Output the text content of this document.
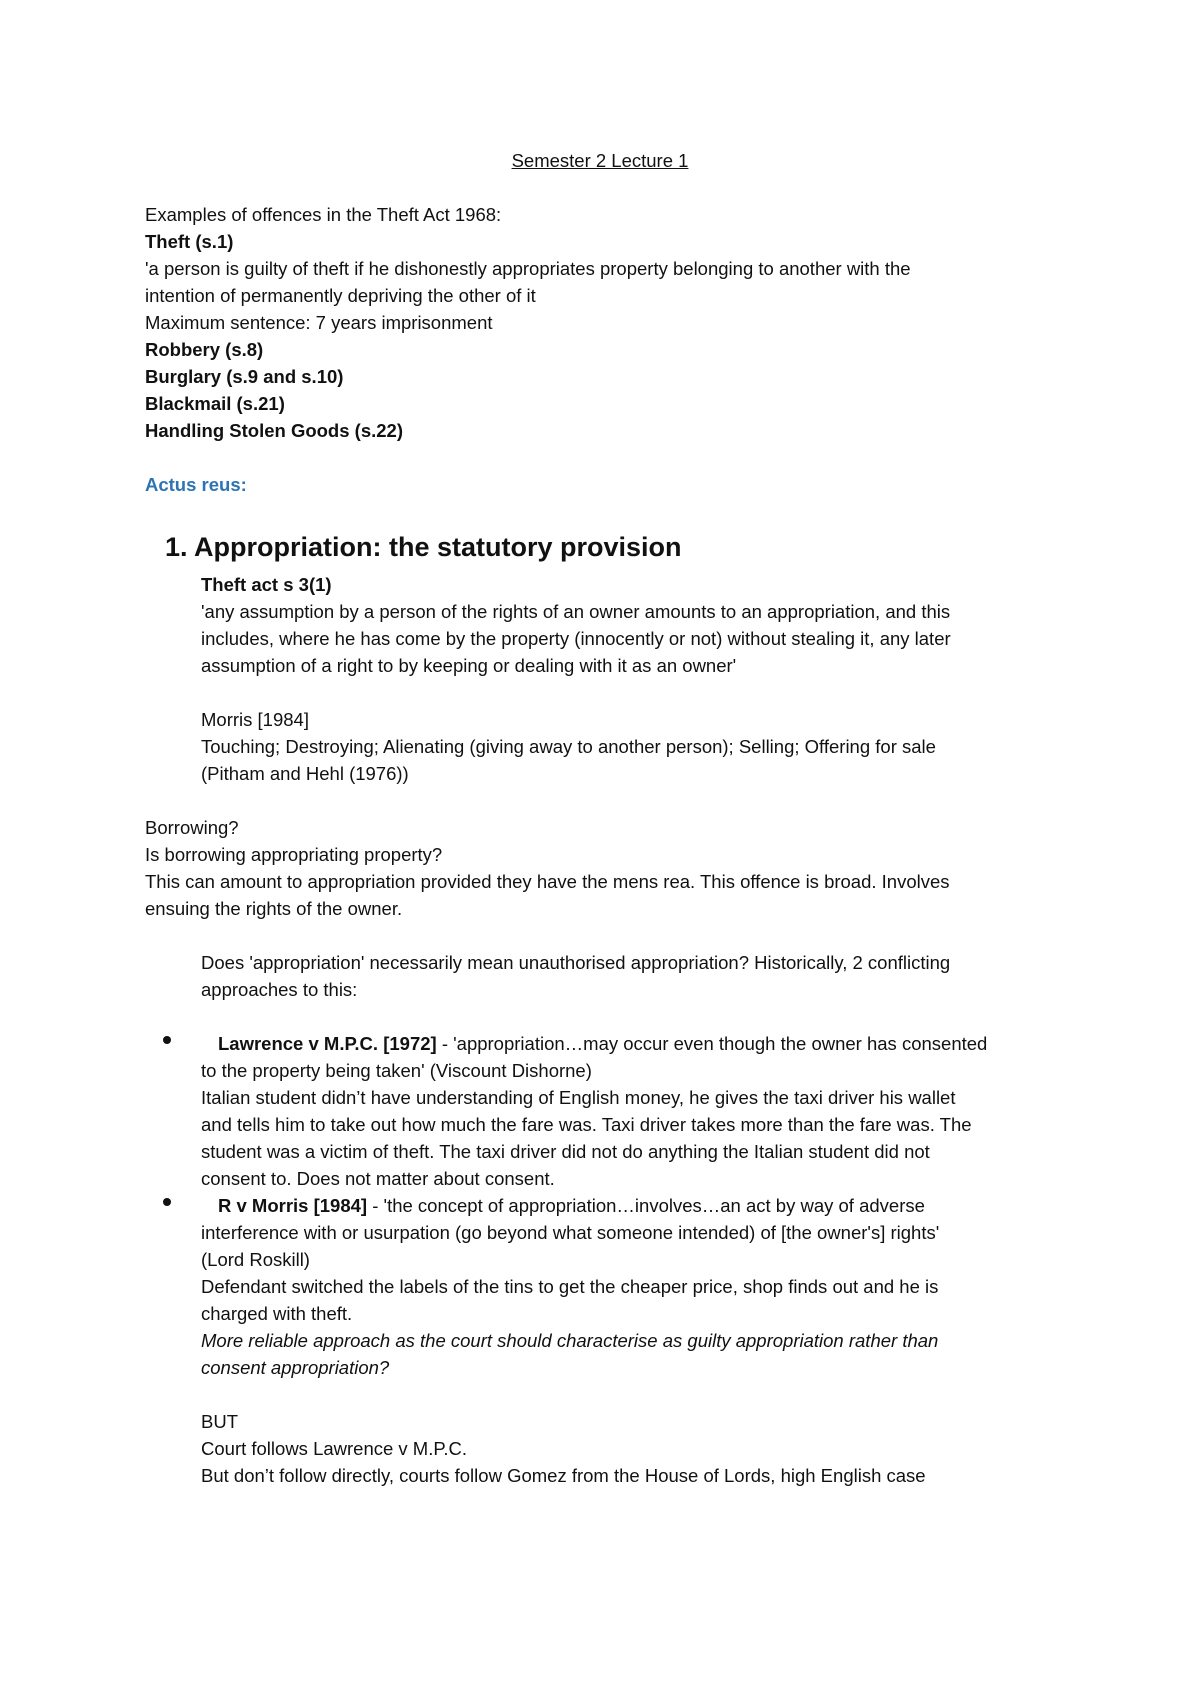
Semester 2 Lecture 1
Examples of offences in the Theft Act 1968:
Theft (s.1)
'a person is guilty of theft if he dishonestly appropriates property belonging to another with the
intention of permanently depriving the other of it
Maximum sentence: 7 years imprisonment
Robbery (s.8)
Burglary (s.9 and s.10)
Blackmail (s.21)
Handling Stolen Goods (s.22)
Actus reus:
1. Appropriation: the statutory provision
Theft act s 3(1)
'any assumption by a person of the rights of an owner amounts to an appropriation, and this
includes, where he has come by the property (innocently or not) without stealing it, any later
assumption of a right to by keeping or dealing with it as an owner'
Morris [1984]
Touching; Destroying; Alienating (giving away to another person); Selling; Offering for sale
(Pitham and Hehl (1976))
Borrowing?
Is borrowing appropriating property?
This can amount to appropriation provided they have the mens rea. This offence is broad. Involves
ensuing the rights of the owner.
Does 'appropriation' necessarily mean unauthorised appropriation? Historically, 2 conflicting
approaches to this:
Lawrence v M.P.C. [1972] - 'appropriation…may occur even though the owner has consented
to the property being taken' (Viscount Dishorne)
Italian student didn’t have understanding of English money, he gives the taxi driver his wallet
and tells him to take out how much the fare was. Taxi driver takes more than the fare was. The
student was a victim of theft. The taxi driver did not do anything the Italian student did not
consent to. Does not matter about consent.
R v Morris [1984] - 'the concept of appropriation…involves…an act by way of adverse
interference with or usurpation (go beyond what someone intended) of [the owner's] rights'
(Lord Roskill)
Defendant switched the labels of the tins to get the cheaper price, shop finds out and he is
charged with theft.
More reliable approach as the court should characterise as guilty appropriation rather than
consent appropriation?
BUT
Court follows Lawrence v M.P.C.
But don’t follow directly, courts follow Gomez from the House of Lords, high English case
